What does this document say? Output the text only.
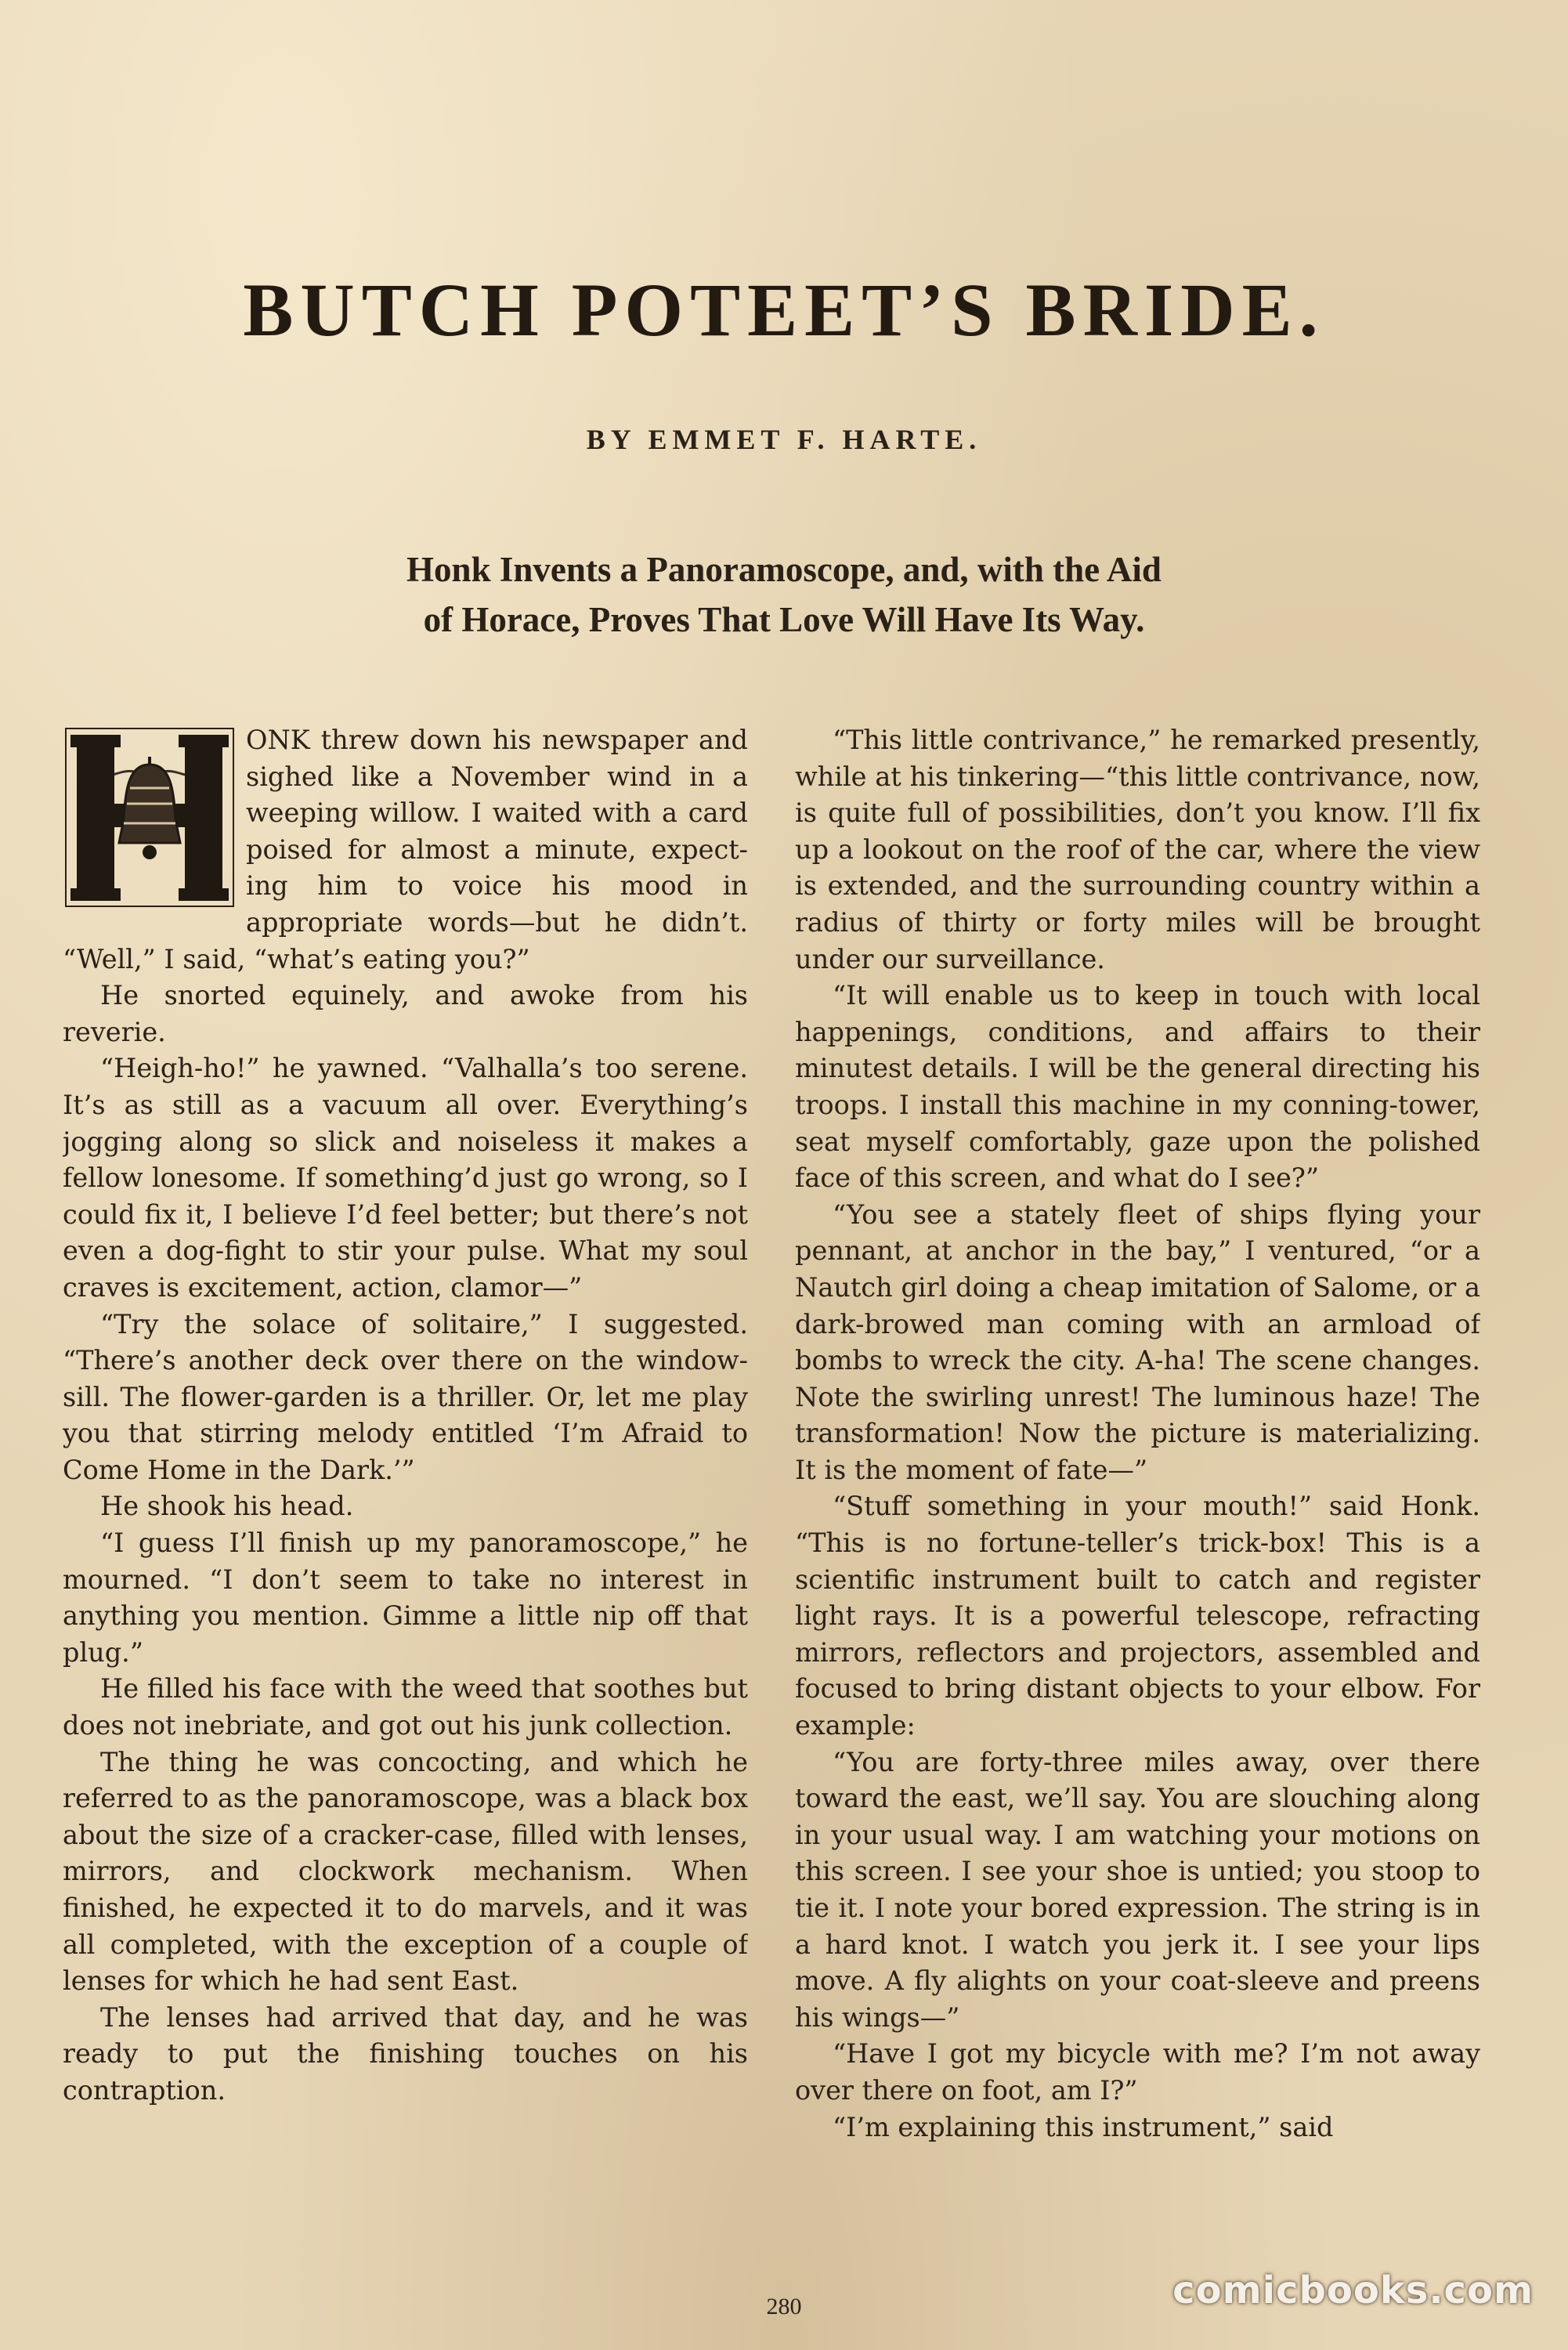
BUTCH POTEET’S BRIDE.

BY EMMET F. HARTE.

Honk Invents a Panoramoscope, and, with the Aid
of Horace, Proves That Love Will Have Its Way.

ONK threw down his newspaper and sighed like a November wind in a weeping willow. I waited with a card poised for almost a minute, expecting him to voice his mood in appropriate words—but he didn’t. “Well,” I said, “what’s eating you?”

He snorted equinely, and awoke from his reverie.

“Heigh-ho!” he yawned. “Valhalla’s too serene. It’s as still as a vacuum all over. Everything’s jogging along so slick and noiseless it makes a fellow lonesome. If something’d just go wrong, so I could fix it, I believe I’d feel better; but there’s not even a dog-fight to stir your pulse. What my soul craves is excitement, action, clamor—”

“Try the solace of solitaire,” I suggested. “There’s another deck over there on the window-sill. The flower-garden is a thriller. Or, let me play you that stirring melody entitled ‘I’m Afraid to Come Home in the Dark.’”

He shook his head.

“I guess I’ll finish up my panoramoscope,” he mourned. “I don’t seem to take no interest in anything you mention. Gimme a little nip off that plug.”

He filled his face with the weed that soothes but does not inebriate, and got out his junk collection.

The thing he was concocting, and which he referred to as the panoramoscope, was a black box about the size of a cracker-case, filled with lenses, mirrors, and clockwork mechanism. When finished, he expected it to do marvels, and it was all completed, with the exception of a couple of lenses for which he had sent East.

The lenses had arrived that day, and he was ready to put the finishing touches on his contraption.

“This little contrivance,” he remarked presently, while at his tinkering—“this little contrivance, now, is quite full of possibilities, don’t you know. I’ll fix up a lookout on the roof of the car, where the view is extended, and the surrounding country within a radius of thirty or forty miles will be brought under our surveillance.

“It will enable us to keep in touch with local happenings, conditions, and affairs to their minutest details. I will be the general directing his troops. I install this machine in my conning-tower, seat myself comfortably, gaze upon the polished face of this screen, and what do I see?”

“You see a stately fleet of ships flying your pennant, at anchor in the bay,” I ventured, “or a Nautch girl doing a cheap imitation of Salome, or a dark-browed man coming with an armload of bombs to wreck the city. A-ha! The scene changes. Note the swirling unrest! The luminous haze! The transformation! Now the picture is materializing. It is the moment of fate—”

“Stuff something in your mouth!” said Honk. “This is no fortune-teller’s trick-box! This is a scientific instrument built to catch and register light rays. It is a powerful telescope, refracting mirrors, reflectors and projectors, assembled and focused to bring distant objects to your elbow. For example:

“You are forty-three miles away, over there toward the east, we’ll say. You are slouching along in your usual way. I am watching your motions on this screen. I see your shoe is untied; you stoop to tie it. I note your bored expression. The string is in a hard knot. I watch you jerk it. I see your lips move. A fly alights on your coat-sleeve and preens his wings—”

“Have I got my bicycle with me? I’m not away over there on foot, am I?”

“I’m explaining this instrument,” said

280	comicbooks.com
